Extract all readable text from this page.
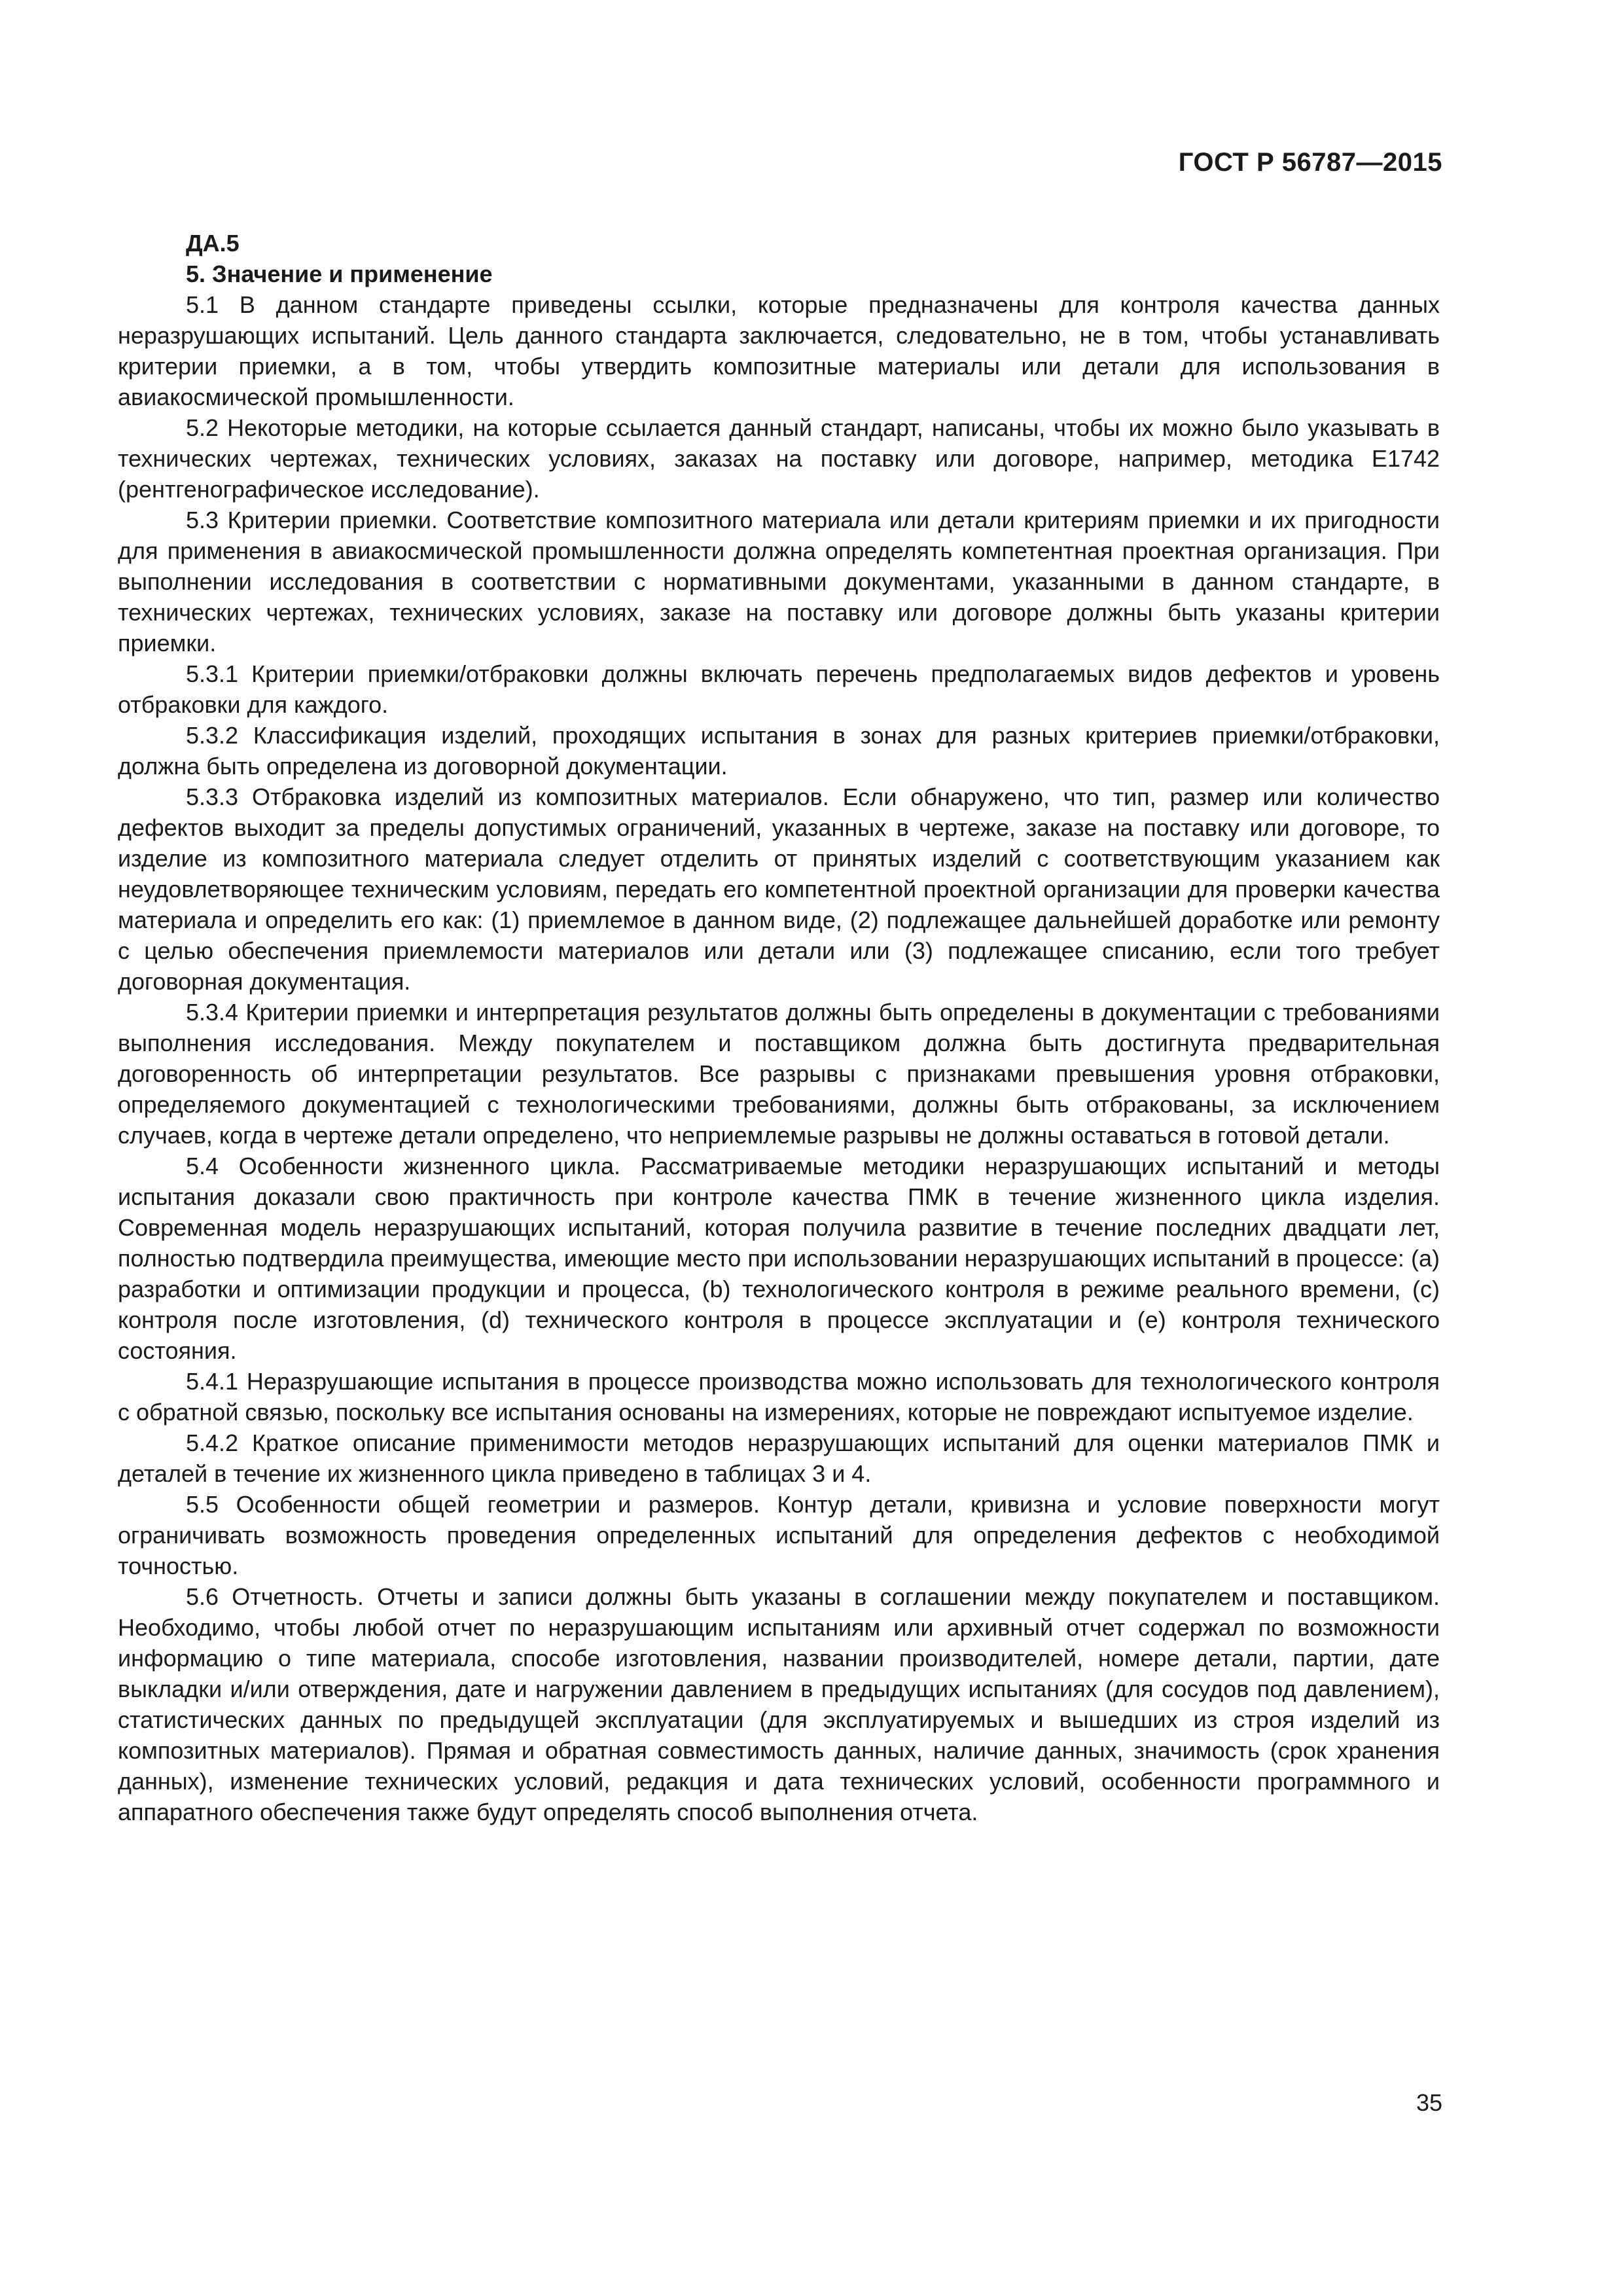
ГОСТ Р 56787—2015
ДА.5
5. Значение и применение

5.1 В данном стандарте приведены ссылки, которые предназначены для контроля качества данных неразрушающих испытаний. Цель данного стандарта заключается, следовательно, не в том, чтобы устанавливать критерии приемки, а в том, чтобы утвердить композитные материалы или детали для использования в авиакосмической промышленности.

5.2 Некоторые методики, на которые ссылается данный стандарт, написаны, чтобы их можно было указывать в технических чертежах, технических условиях, заказах на поставку или договоре, например, методика E1742 (рентгенографическое исследование).

5.3 Критерии приемки. Соответствие композитного материала или детали критериям приемки и их пригодности для применения в авиакосмической промышленности должна определять компетентная проектная организация. При выполнении исследования в соответствии с нормативными документами, указанными в данном стандарте, в технических чертежах, технических условиях, заказе на поставку или договоре должны быть указаны критерии приемки.

5.3.1 Критерии приемки/отбраковки должны включать перечень предполагаемых видов дефектов и уровень отбраковки для каждого.

5.3.2 Классификация изделий, проходящих испытания в зонах для разных критериев приемки/отбраковки, должна быть определена из договорной документации.

5.3.3 Отбраковка изделий из композитных материалов. Если обнаружено, что тип, размер или количество дефектов выходит за пределы допустимых ограничений, указанных в чертеже, заказе на поставку или договоре, то изделие из композитного материала следует отделить от принятых изделий с соответствующим указанием как неудовлетворяющее техническим условиям, передать его компетентной проектной организации для проверки качества материала и определить его как: (1) приемлемое в данном виде, (2) подлежащее дальнейшей доработке или ремонту с целью обеспечения приемлемости материалов или детали или (3) подлежащее списанию, если того требует договорная документация.

5.3.4 Критерии приемки и интерпретация результатов должны быть определены в документации с требованиями выполнения исследования. Между покупателем и поставщиком должна быть достигнута предварительная договоренность об интерпретации результатов. Все разрывы с признаками превышения уровня отбраковки, определяемого документацией с технологическими требованиями, должны быть отбракованы, за исключением случаев, когда в чертеже детали определено, что неприемлемые разрывы не должны оставаться в готовой детали.

5.4 Особенности жизненного цикла. Рассматриваемые методики неразрушающих испытаний и методы испытания доказали свою практичность при контроле качества ПМК в течение жизненного цикла изделия. Современная модель неразрушающих испытаний, которая получила развитие в течение последних двадцати лет, полностью подтвердила преимущества, имеющие место при использовании неразрушающих испытаний в процессе: (а) разработки и оптимизации продукции и процесса, (b) технологического контроля в режиме реального времени, (с) контроля после изготовления, (d) технического контроля в процессе эксплуатации и (е) контроля технического состояния.

5.4.1 Неразрушающие испытания в процессе производства можно использовать для технологического контроля с обратной связью, поскольку все испытания основаны на измерениях, которые не повреждают испытуемое изделие.

5.4.2 Краткое описание применимости методов неразрушающих испытаний для оценки материалов ПМК и деталей в течение их жизненного цикла приведено в таблицах 3 и 4.

5.5 Особенности общей геометрии и размеров. Контур детали, кривизна и условие поверхности могут ограничивать возможность проведения определенных испытаний для определения дефектов с необходимой точностью.

5.6 Отчетность. Отчеты и записи должны быть указаны в соглашении между покупателем и поставщиком. Необходимо, чтобы любой отчет по неразрушающим испытаниям или архивный отчет содержал по возможности информацию о типе материала, способе изготовления, названии производителей, номере детали, партии, дате выкладки и/или отверждения, дате и нагружении давлением в предыдущих испытаниях (для сосудов под давлением), статистических данных по предыдущей эксплуатации (для эксплуатируемых и вышедших из строя изделий из композитных материалов). Прямая и обратная совместимость данных, наличие данных, значимость (срок хранения данных), изменение технических условий, редакция и дата технических условий, особенности программного и аппаратного обеспечения также будут определять способ выполнения отчета.

35
